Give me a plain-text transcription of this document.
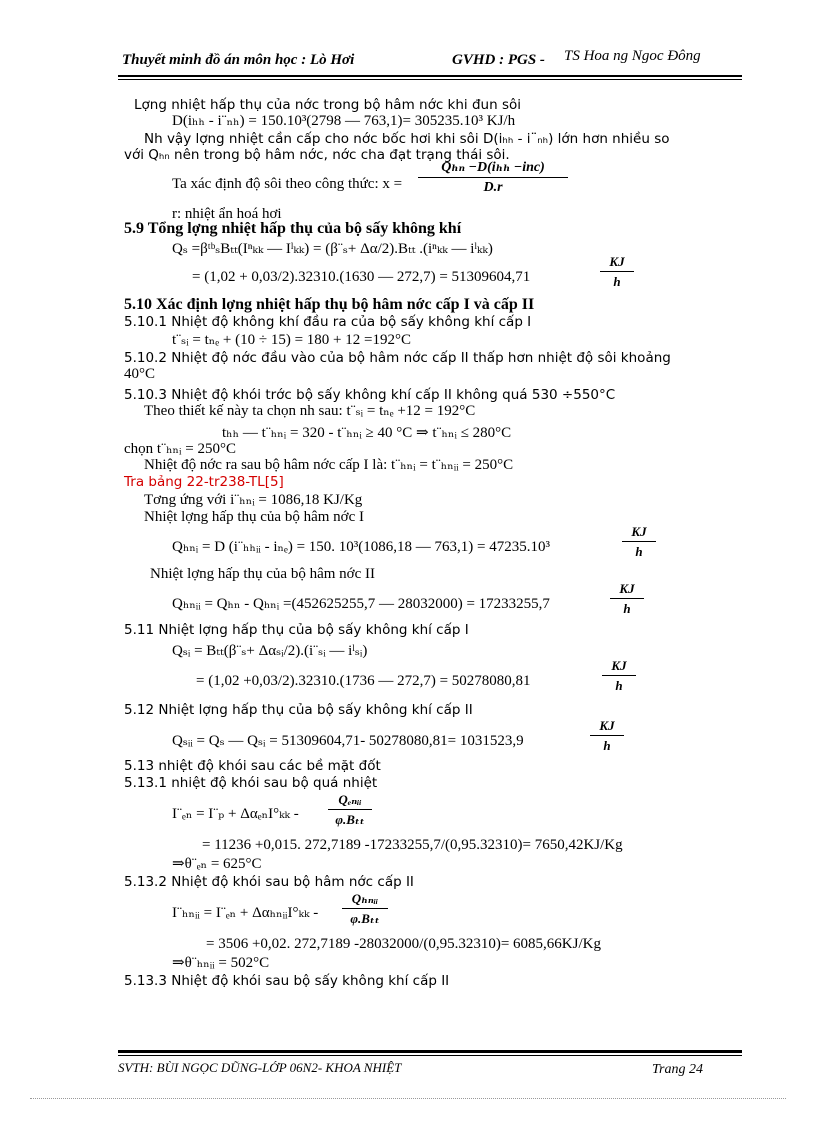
Thuyết minh đồ án môn học : Lò Hơi	GVHD : PGS - TS Hoa ng Ngoc Đông
Lợng nhiệt hấp thụ của nớc trong bộ hâm nớc khi đun sôi
D(iₕₕ - i¨ₙₕ) = 150.10³(2798 — 763,1)= 305235.10³ KJ/h
Nh vậy lợng nhiệt cần cấp cho nớc bốc hơi khi sôi D(iₕₕ - i¨ₙₕ) lớn hơn nhiều so
với Qₕₙ nên trong bộ hâm nớc, nớc cha đạt trạng thái sôi.
Ta xác định độ sôi theo công thức: x =
Qₕₙ −D(iₕₕ −inc)
D.r
r: nhiệt ẩn hoá hơi
5.9 Tổng lợng nhiệt hấp thụ của bộ sấy không khí
Qₛ =βᵗᵇₛBₜₜ(Iⁿₖₖ — Iˡₖₖ) = (β¨ₛ+ Δα/2).Bₜₜ .(iⁿₖₖ — iˡₖₖ)
= (1,02 + 0,03/2).32310.(1630 — 272,7) = 51309604,71
KJ
h
5.10 Xác định lợng nhiệt hấp thụ bộ hâm nớc cấp I và cấp II
5.10.1 Nhiệt độ không khí đầu ra của bộ sấy không khí cấp I
t¨ₛᵢ = tₙₑ + (10 ÷ 15) = 180 + 12 =192°C
5.10.2 Nhiệt độ nớc đầu vào của bộ hâm nớc cấp II thấp hơn nhiệt độ sôi khoảng
40°C
5.10.3 Nhiệt độ khói trớc bộ sấy không khí cấp II không quá 530 ÷550°C
Theo thiết kế này ta chọn nh sau: t¨ₛᵢ = tₙₑ +12 = 192°C
tₕₕ — t¨ₕₙᵢ = 320 - t¨ₕₙᵢ ≥ 40 °C ⇒ t¨ₕₙᵢ ≤ 280°C
chọn t¨ₕₙᵢ = 250°C
Nhiệt độ nớc ra sau bộ hâm nớc cấp I là: t¨ₕₙᵢ = t¨ₕₙᵢᵢ = 250°C
Tra bảng 22-tr238-TL[5]
Tơng ứng với i¨ₕₙᵢ = 1086,18 KJ/Kg
Nhiệt lợng hấp thụ của bộ hâm nớc I
Qₕₙᵢ = D (i¨ₕₕᵢᵢ - iₙₑ) = 150. 10³(1086,18 — 763,1) = 47235.10³
KJ
h
Nhiệt lợng hấp thụ của bộ hâm nớc II
Qₕₙᵢᵢ = Qₕₙ - Qₕₙᵢ =(452625255,7 — 28032000) = 17233255,7
KJ
h
5.11 Nhiệt lợng hấp thụ của bộ sấy không khí cấp I
Qₛᵢ = Bₜₜ(β¨ₛ+ Δαₛᵢ/2).(i¨ₛᵢ — iˡₛᵢ)
= (1,02 +0,03/2).32310.(1736 — 272,7) = 50278080,81
KJ
h
5.12 Nhiệt lợng hấp thụ của bộ sấy không khí cấp II
Qₛᵢᵢ = Qₛ — Qₛᵢ = 51309604,71- 50278080,81= 1031523,9
KJ
h
5.13 nhiệt độ khói sau các bề mặt đốt
5.13.1 nhiệt độ khói sau bộ quá nhiệt
I¨ₑₙ = I¨ₚ + ΔαₑₙI°ₖₖ -
Qₑₙᵢᵢ
φ.Bₜₜ
= 11236 +0,015. 272,7189 -17233255,7/(0,95.32310)= 7650,42KJ/Kg
⇒θ¨ₑₙ = 625°C
5.13.2 Nhiệt độ khói sau bộ hâm nớc cấp II
I¨ₕₙᵢᵢ = I¨ₑₙ + ΔαₕₙᵢᵢI°ₖₖ -
Qₕₙᵢᵢ
φ.Bₜₜ
= 3506 +0,02. 272,7189 -28032000/(0,95.32310)= 6085,66KJ/Kg
⇒θ¨ₕₙᵢᵢ = 502°C
5.13.3 Nhiệt độ khói sau bộ sấy không khí cấp II
SVTH: BÙI NGỌC DŨNG-LỚP 06N2- KHOA NHIỆT	Trang 24
